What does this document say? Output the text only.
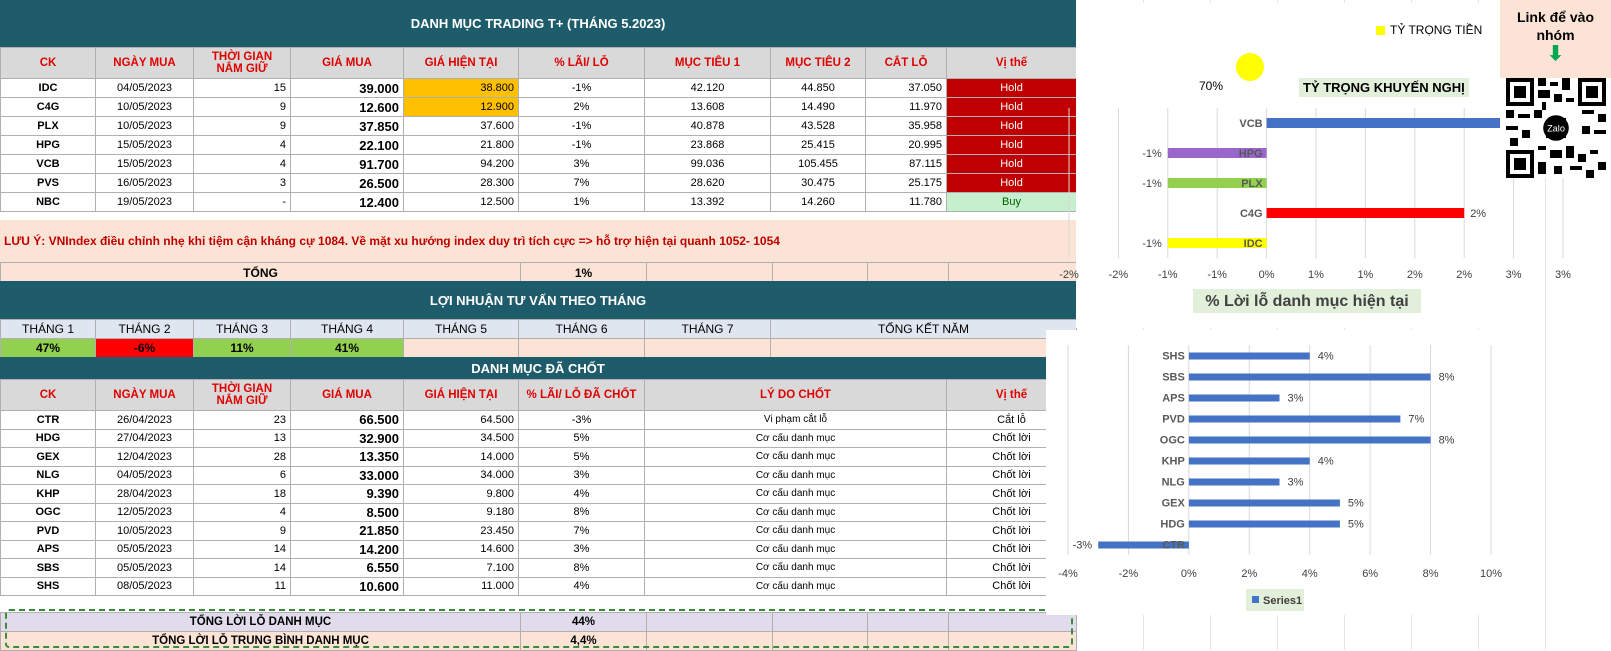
DANH MỤC TRADING T+ (THÁNG 5.2023)
CK	NGÀY MUA	THỜI GIAN NẮM GIỮ	GIÁ MUA	GIÁ HIỆN TẠI	% LÃI/ LỖ	MỤC TIÊU 1	MỤC TIÊU 2	CẮT LỖ	Vị thế
IDC	04/05/2023	15	39.000	38.800	-1%	42.120	44.850	37.050	Hold
C4G	10/05/2023	9	12.600	12.900	2%	13.608	14.490	11.970	Hold
PLX	10/05/2023	9	37.850	37.600	-1%	40.878	43.528	35.958	Hold
HPG	15/05/2023	4	22.100	21.800	-1%	23.868	25.415	20.995	Hold
VCB	15/05/2023	4	91.700	94.200	3%	99.036	105.455	87.115	Hold
PVS	16/05/2023	3	26.500	28.300	7%	28.620	30.475	25.175	Hold
NBC	19/05/2023	-	12.400	12.500	1%	13.392	14.260	11.780	Buy
LƯU Ý: VNIndex điều chỉnh nhẹ khi tiệm cận kháng cự 1084. Về mặt xu hướng index duy trì tích cực => hỗ trợ hiện tại quanh 1052- 1054
TỔNG	1%				
LỢI NHUẬN TƯ VẤN THEO THÁNG
THÁNG 1	THÁNG 2	THÁNG 3	THÁNG 4	THÁNG 5	THÁNG 6	THÁNG 7	TỔNG KẾT NĂM
47%	-6%	11%	41%				
DANH MỤC ĐÃ CHỐT
CK	NGÀY MUA	THỜI GIAN NẮM GIỮ	GIÁ MUA	GIÁ HIỆN TẠI	% LÃI/ LỖ ĐÃ CHỐT	LÝ DO CHỐT	Vị thế
CTR	26/04/2023	23	66.500	64.500	-3%	Vi phạm cắt lỗ	Cắt lỗ
HDG	27/04/2023	13	32.900	34.500	5%	Cơ cấu danh mục	Chốt lời
GEX	12/04/2023	28	13.350	14.000	5%	Cơ cấu danh mục	Chốt lời
NLG	04/05/2023	6	33.000	34.000	3%	Cơ cấu danh mục	Chốt lời
KHP	28/04/2023	18	9.390	9.800	4%	Cơ cấu danh mục	Chốt lời
OGC	12/05/2023	4	8.500	9.180	8%	Cơ cấu danh mục	Chốt lời
PVD	10/05/2023	9	21.850	23.450	7%	Cơ cấu danh mục	Chốt lời
APS	05/05/2023	14	14.200	14.600	3%	Cơ cấu danh mục	Chốt lời
SBS	05/05/2023	14	6.550	7.100	8%	Cơ cấu danh mục	Chốt lời
SHS	08/05/2023	11	10.600	11.000	4%	Cơ cấu danh mục	Chốt lời
TỔNG LỜI LỖ DANH MỤC	44%				
TỔNG LỜI LỖ TRUNG BÌNH DANH MỤC	4,4%				
TỶ TRỌNG TIỀN
70%	TỶ TRỌNG KHUYẾN NGHỊ
-2%	-2%	-1%	-1%	0%	1%	1%	2%	2%	3%	3%
IDC
-1%
C4G	2%
PLX
-1%
HPG
-1%
VCB
% Lời lỗ danh mục hiện tại
Link để vào nhóm
⬇
Zalo
-4%	-2%	0%	2%	4%	6%	8%	10%
CTR
-3%
HDG	5%
GEX	5%
NLG	3%
KHP	4%
OGC	8%
PVD	7%
APS	3%
SBS	8%
SHS	4%
Series1
